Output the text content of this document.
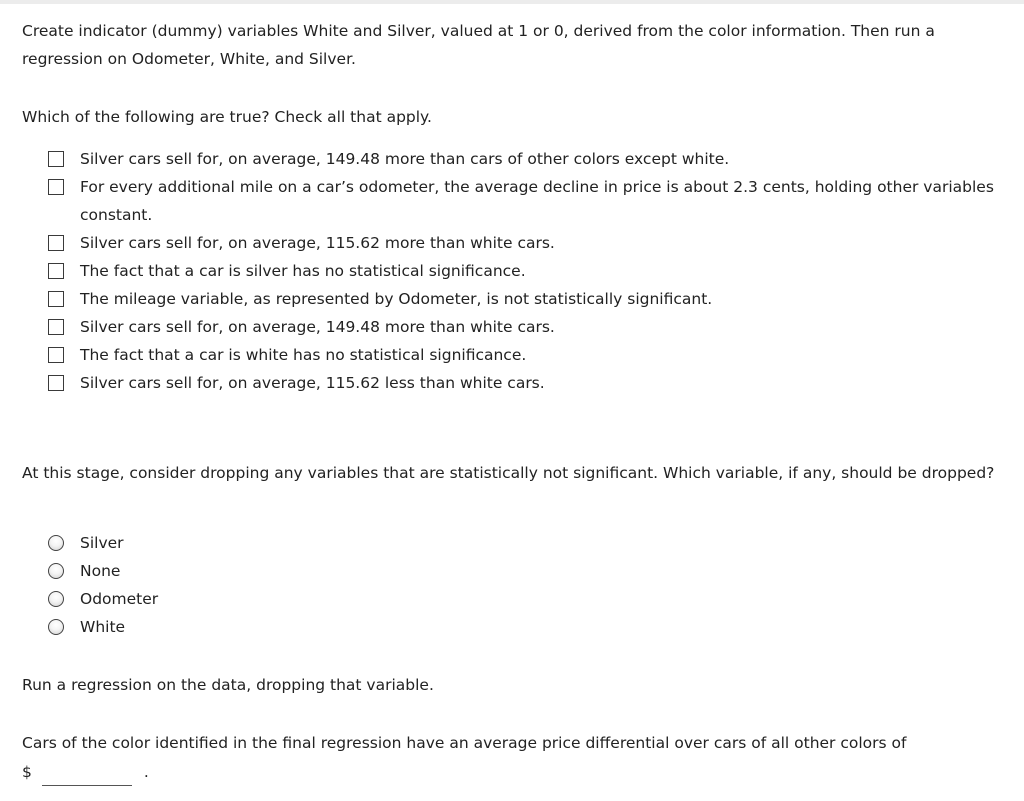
Create indicator (dummy) variables White and Silver, valued at 1 or 0, derived from the color information. Then run a regression on Odometer, White, and Silver.

Which of the following are true? Check all that apply.

Silver cars sell for, on average, 149.48 more than cars of other colors except white.
For every additional mile on a car’s odometer, the average decline in price is about 2.3 cents, holding other variables constant.
Silver cars sell for, on average, 115.62 more than white cars.
The fact that a car is silver has no statistical significance.
The mileage variable, as represented by Odometer, is not statistically significant.
Silver cars sell for, on average, 149.48 more than white cars.
The fact that a car is white has no statistical significance.
Silver cars sell for, on average, 115.62 less than white cars.

At this stage, consider dropping any variables that are statistically not significant. Which variable, if any, should be dropped?

Silver
None
Odometer
White

Run a regression on the data, dropping that variable.

Cars of the color identified in the final regression have an average price differential over cars of all other colors of

$	.
